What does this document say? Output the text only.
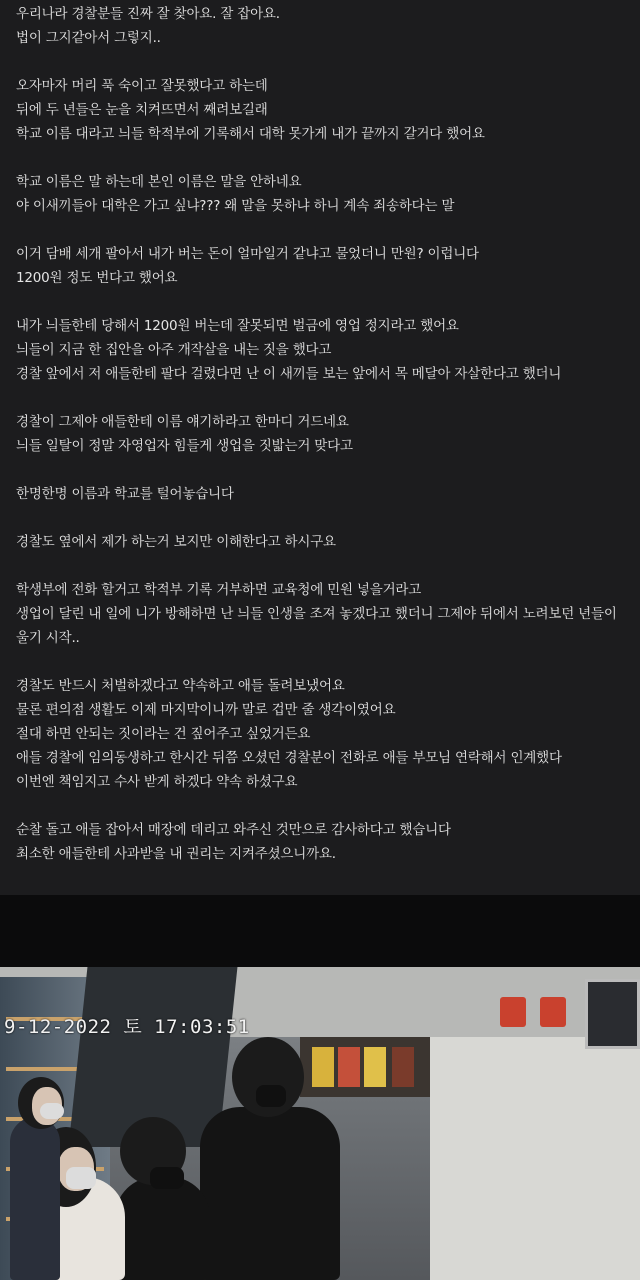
우리나라 경찰분들 진짜 잘 찾아요. 잘 잡아요.

법이 그지같아서 그렇지..

오자마자 머리 푹 숙이고 잘못했다고 하는데

뒤에 두 년들은 눈을 치켜뜨면서 째려보길래

학교 이름 대라고 늬들 학적부에 기록해서 대학 못가게 내가 끝까지 갈거다 했어요

학교 이름은 말 하는데 본인 이름은 말을 안하네요

야 이새끼들아 대학은 가고 싶냐??? 왜 말을 못하냐 하니 계속 죄송하다는 말

이거 담배 세개 팔아서 내가 버는 돈이 얼마일거 같냐고 물었더니 만원? 이럽니다

1200원 정도 번다고 했어요

내가 늬들한테 당해서 1200원 버는데 잘못되면 벌금에 영업 정지라고 했어요

늬들이 지금 한 집안을 아주 개작살을 내는 짓을 했다고

경찰 앞에서 저 애들한테 팔다 걸렸다면 난 이 새끼들 보는 앞에서 목 메달아 자살한다고 했더니

경찰이 그제야 애들한테 이름 얘기하라고 한마디 거드네요

늬들 일탈이 정말 자영업자 힘들게 생업을 짓밟는거 맞다고

한명한명 이름과 학교를 털어놓습니다

경찰도 옆에서 제가 하는거 보지만 이해한다고 하시구요

학생부에 전화 할거고 학적부 기록 거부하면 교육청에 민원 넣을거라고

생업이 달린 내 일에 니가 방해하면 난 늬들 인생을 조져 놓겠다고 했더니 그제야 뒤에서 노려보던 년들이 울기 시작..

경찰도 반드시 처벌하겠다고 약속하고 애들 돌려보냈어요

물론 편의점 생활도 이제 마지막이니까 말로 겁만 줄 생각이였어요

절대 하면 안되는 짓이라는 건 짚어주고 싶었거든요

애들 경찰에 임의동생하고 한시간 뒤쯤 오셨던 경찰분이 전화로 애들 부모님 연락해서 인계했다

이번엔 책임지고 수사 받게 하겠다 약속 하셨구요

순찰 돌고 애들 잡아서 매장에 데리고 와주신 것만으로 감사하다고 했습니다

최소한 애들한테 사과받을 내 권리는 지켜주셨으니까요.

9-12-2022 토 17:03:51
